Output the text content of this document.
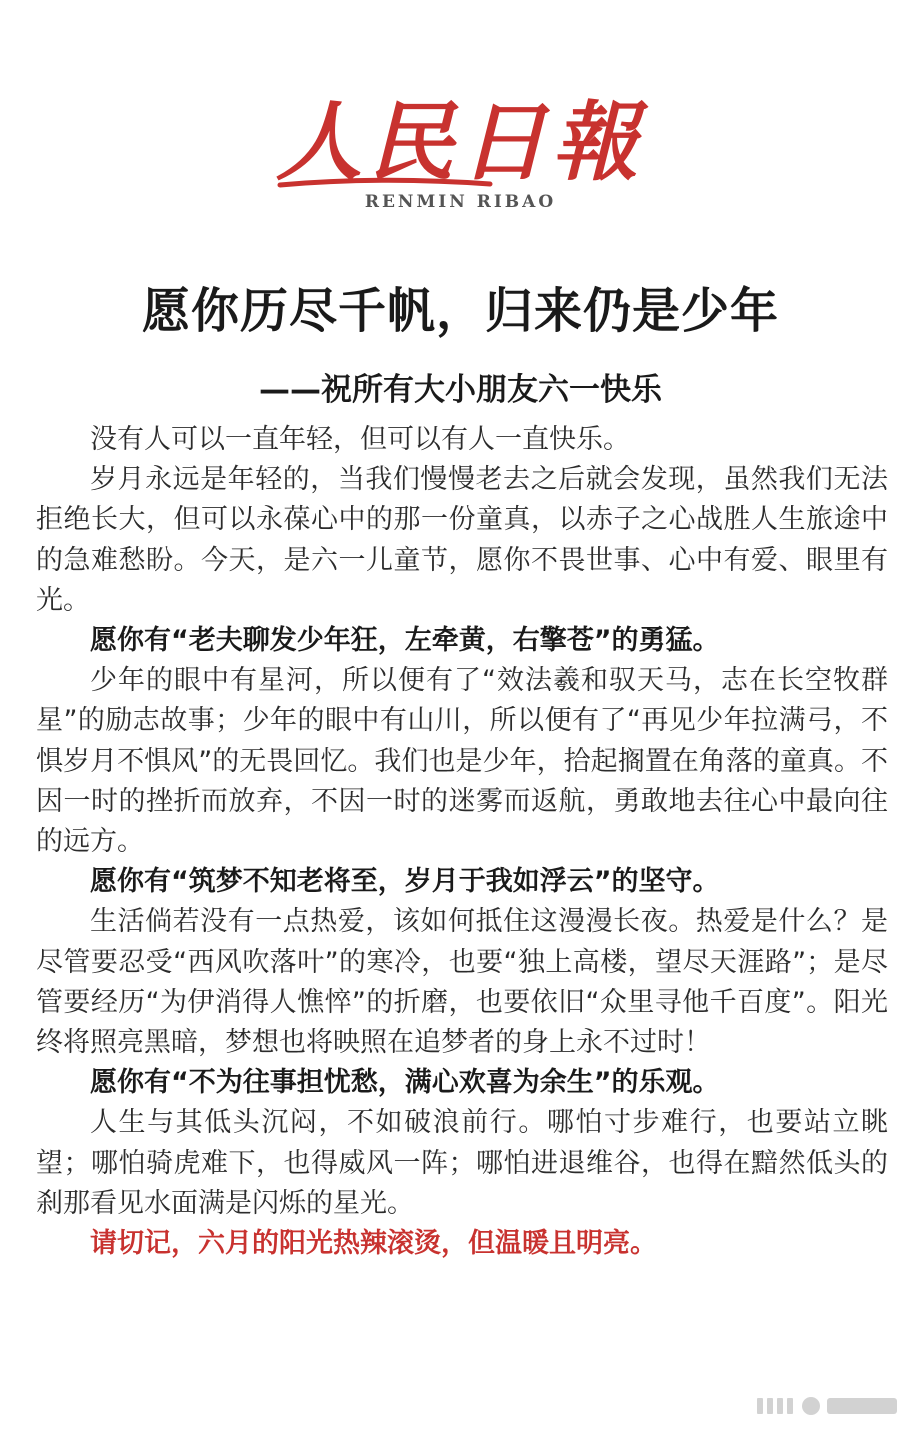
人民日報
RENMIN RIBAO
愿你历尽千帆，归来仍是少年
——祝所有大小朋友六一快乐

没有人可以一直年轻，但可以有人一直快乐。

岁月永远是年轻的，当我们慢慢老去之后就会发现，虽然我们无法拒绝长大，但可以永葆心中的那一份童真，以赤子之心战胜人生旅途中的急难愁盼。今天，是六一儿童节，愿你不畏世事、心中有爱、眼里有光。

愿你有“老夫聊发少年狂，左牵黄，右擎苍”的勇猛。

少年的眼中有星河，所以便有了“效法羲和驭天马，志在长空牧群星”的励志故事；少年的眼中有山川，所以便有了“再见少年拉满弓，不惧岁月不惧风”的无畏回忆。我们也是少年，拾起搁置在角落的童真。不因一时的挫折而放弃，不因一时的迷雾而返航，勇敢地去往心中最向往的远方。

愿你有“筑梦不知老将至，岁月于我如浮云”的坚守。

生活倘若没有一点热爱，该如何抵住这漫漫长夜。热爱是什么？是尽管要忍受“西风吹落叶”的寒冷，也要“独上高楼，望尽天涯路”；是尽管要经历“为伊消得人憔悴”的折磨，也要依旧“众里寻他千百度”。阳光终将照亮黑暗，梦想也将映照在追梦者的身上永不过时！

愿你有“不为往事担忧愁，满心欢喜为余生”的乐观。

人生与其低头沉闷，不如破浪前行。哪怕寸步难行，也要站立眺望；哪怕骑虎难下，也得威风一阵；哪怕进退维谷，也得在黯然低头的刹那看见水面满是闪烁的星光。

请切记，六月的阳光热辣滚烫，但温暖且明亮。
